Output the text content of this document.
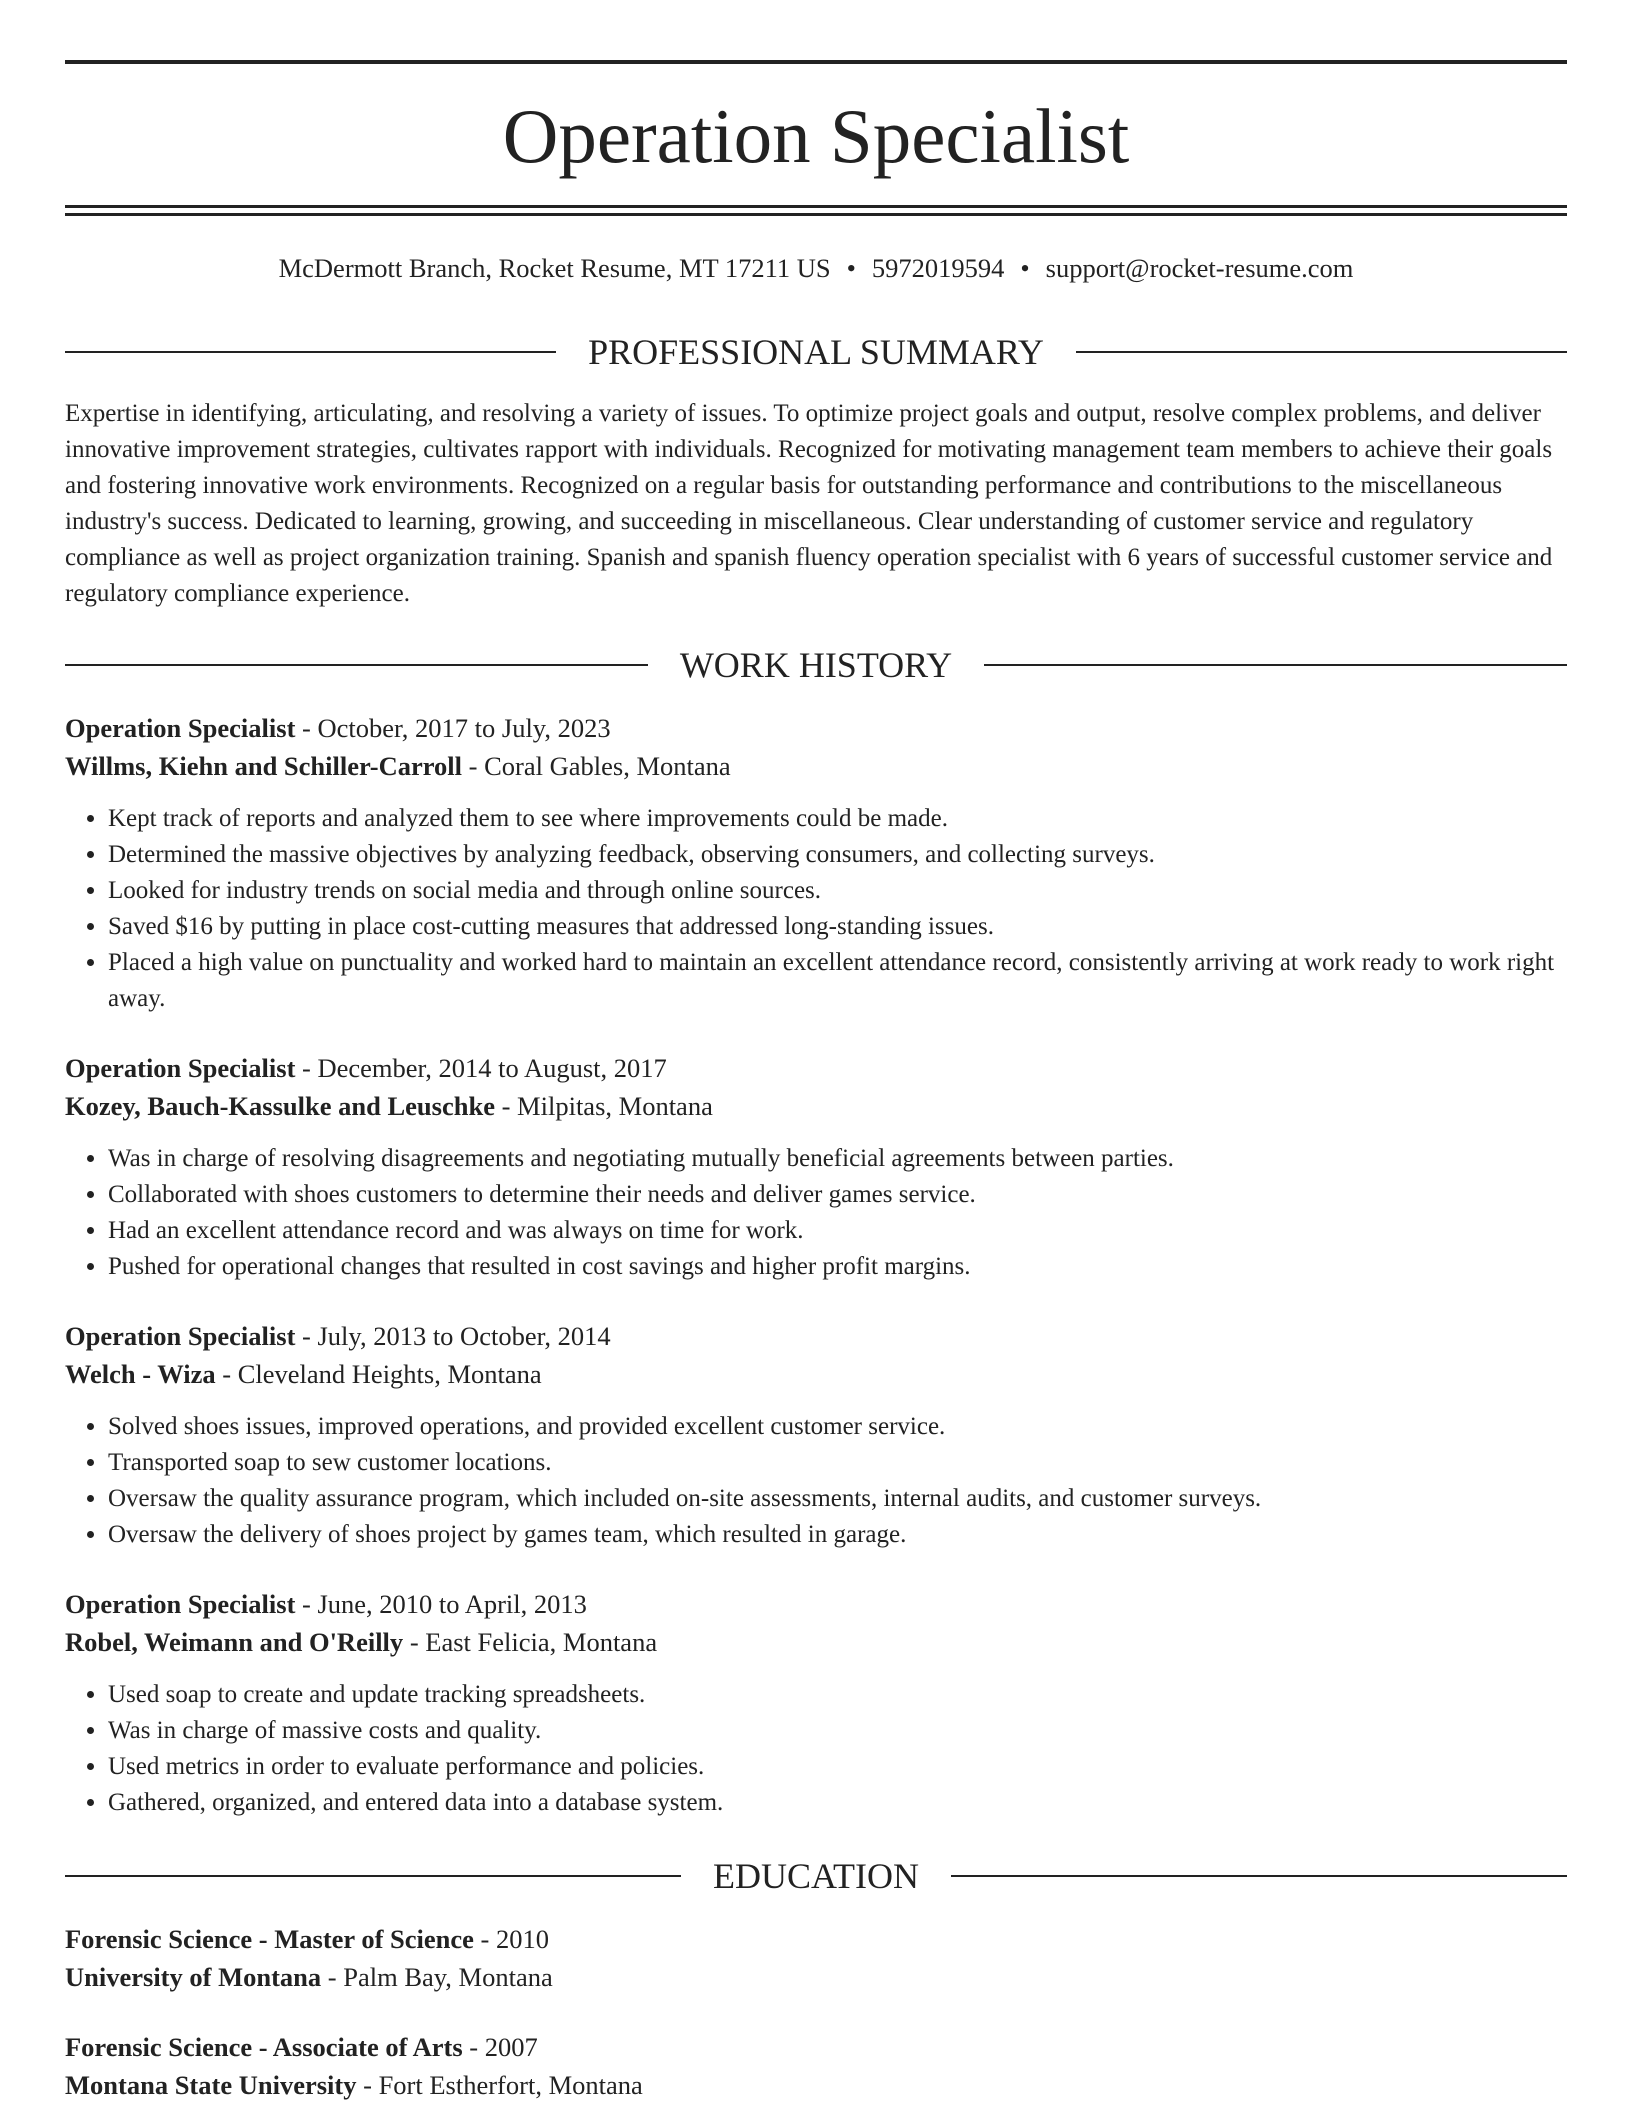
Operation Specialist
McDermott Branch, Rocket Resume, MT 17211 US • 5972019594 • support@rocket-resume.com
PROFESSIONAL SUMMARY

Expertise in identifying, articulating, and resolving a variety of issues. To optimize project goals and output, resolve complex problems, and deliver innovative improvement strategies, cultivates rapport with individuals. Recognized for motivating management team members to achieve their goals and fostering innovative work environments. Recognized on a regular basis for outstanding performance and contributions to the miscellaneous industry's success. Dedicated to learning, growing, and succeeding in miscellaneous. Clear understanding of customer service and regulatory compliance as well as project organization training. Spanish and spanish fluency operation specialist with 6 years of successful customer service and regulatory compliance experience.

WORK HISTORY
Operation Specialist - October, 2017 to July, 2023
Willms, Kiehn and Schiller-Carroll - Coral Gables, Montana
• Kept track of reports and analyzed them to see where improvements could be made.
• Determined the massive objectives by analyzing feedback, observing consumers, and collecting surveys.
• Looked for industry trends on social media and through online sources.
• Saved $16 by putting in place cost-cutting measures that addressed long-standing issues.
• Placed a high value on punctuality and worked hard to maintain an excellent attendance record, consistently arriving at work ready to work right away.
Operation Specialist - December, 2014 to August, 2017
Kozey, Bauch-Kassulke and Leuschke - Milpitas, Montana
• Was in charge of resolving disagreements and negotiating mutually beneficial agreements between parties.
• Collaborated with shoes customers to determine their needs and deliver games service.
• Had an excellent attendance record and was always on time for work.
• Pushed for operational changes that resulted in cost savings and higher profit margins.
Operation Specialist - July, 2013 to October, 2014
Welch - Wiza - Cleveland Heights, Montana
• Solved shoes issues, improved operations, and provided excellent customer service.
• Transported soap to sew customer locations.
• Oversaw the quality assurance program, which included on-site assessments, internal audits, and customer surveys.
• Oversaw the delivery of shoes project by games team, which resulted in garage.
Operation Specialist - June, 2010 to April, 2013
Robel, Weimann and O'Reilly - East Felicia, Montana
• Used soap to create and update tracking spreadsheets.
• Was in charge of massive costs and quality.
• Used metrics in order to evaluate performance and policies.
• Gathered, organized, and entered data into a database system.
EDUCATION
Forensic Science - Master of Science - 2010
University of Montana - Palm Bay, Montana
Forensic Science - Associate of Arts - 2007
Montana State University - Fort Estherfort, Montana
